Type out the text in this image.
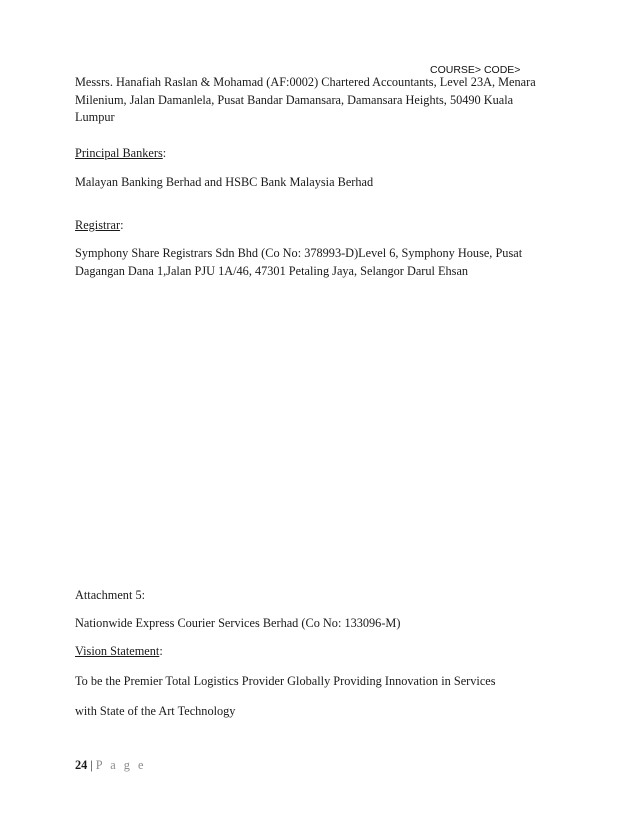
COURSE> CODE>

Messrs. Hanafiah Raslan & Mohamad (AF:0002) Chartered Accountants, Level 23A, Menara Milenium, Jalan Damanlela, Pusat Bandar Damansara, Damansara Heights, 50490 Kuala Lumpur

Principal Bankers:

Malayan Banking Berhad and HSBC Bank Malaysia Berhad

Registrar:

Symphony Share Registrars Sdn Bhd (Co No: 378993-D)Level 6, Symphony House, Pusat Dagangan Dana 1,Jalan PJU 1A/46, 47301 Petaling Jaya, Selangor Darul Ehsan

Attachment 5:

Nationwide Express Courier Services Berhad (Co No: 133096-M)

Vision Statement:

To be the Premier Total Logistics Provider Globally Providing Innovation in Services

with State of the Art Technology

24 | P a g e
